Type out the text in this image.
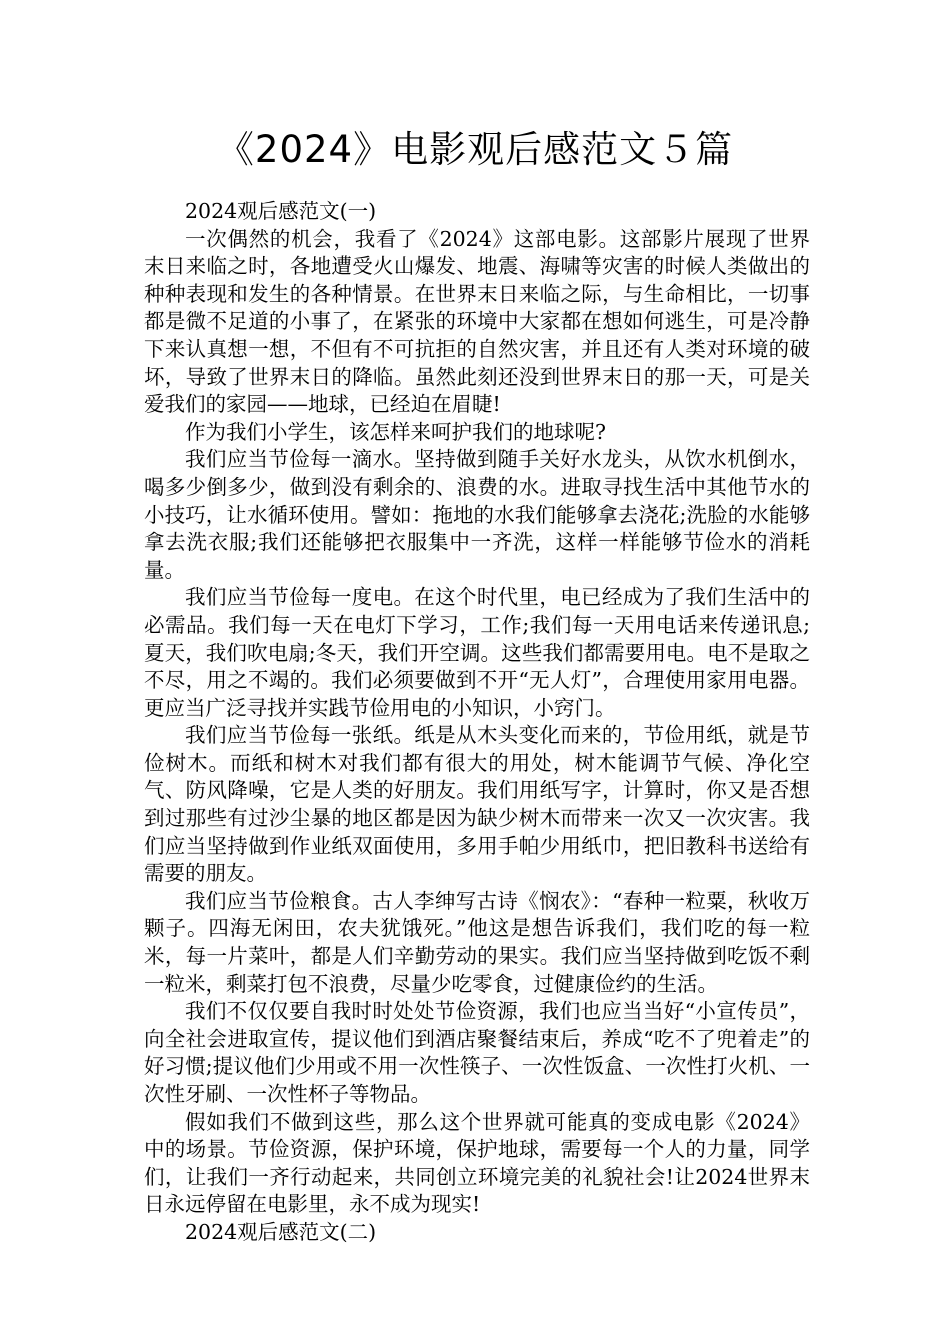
《2024》电影观后感范文５篇

2024观后感范文(一)

一次偶然的机会，我看了《2024》这部电影。这部影片展现了世界末日来临之时，各地遭受火山爆发、地震、海啸等灾害的时候人类做出的种种表现和发生的各种情景。在世界末日来临之际，与生命相比，一切事都是微不足道的小事了，在紧张的环境中大家都在想如何逃生，可是冷静下来认真想一想，不但有不可抗拒的自然灾害，并且还有人类对环境的破坏，导致了世界末日的降临。虽然此刻还没到世界末日的那一天，可是关爱我们的家园——地球，已经迫在眉睫!

作为我们小学生，该怎样来呵护我们的地球呢?

我们应当节俭每一滴水。坚持做到随手关好水龙头，从饮水机倒水，喝多少倒多少，做到没有剩余的、浪费的水。进取寻找生活中其他节水的小技巧，让水循环使用。譬如：拖地的水我们能够拿去浇花;洗脸的水能够拿去洗衣服;我们还能够把衣服集中一齐洗，这样一样能够节俭水的消耗量。

我们应当节俭每一度电。在这个时代里，电已经成为了我们生活中的必需品。我们每一天在电灯下学习，工作;我们每一天用电话来传递讯息;夏天，我们吹电扇;冬天，我们开空调。这些我们都需要用电。电不是取之不尽，用之不竭的。我们必须要做到不开“无人灯”，合理使用家用电器。更应当广泛寻找并实践节俭用电的小知识，小窍门。

我们应当节俭每一张纸。纸是从木头变化而来的，节俭用纸，就是节俭树木。而纸和树木对我们都有很大的用处，树木能调节气候、净化空气、防风降噪，它是人类的好朋友。我们用纸写字，计算时，你又是否想到过那些有过沙尘暴的地区都是因为缺少树木而带来一次又一次灾害。我们应当坚持做到作业纸双面使用，多用手帕少用纸巾，把旧教科书送给有需要的朋友。

我们应当节俭粮食。古人李绅写古诗《悯农》：“春种一粒粟，秋收万颗子。四海无闲田，农夫犹饿死。”他这是想告诉我们，我们吃的每一粒米，每一片菜叶，都是人们辛勤劳动的果实。我们应当坚持做到吃饭不剩一粒米，剩菜打包不浪费，尽量少吃零食，过健康俭约的生活。

我们不仅仅要自我时时处处节俭资源，我们也应当当好“小宣传员”，向全社会进取宣传，提议他们到酒店聚餐结束后，养成“吃不了兜着走”的好习惯;提议他们少用或不用一次性筷子、一次性饭盒、一次性打火机、一次性牙刷、一次性杯子等物品。

假如我们不做到这些，那么这个世界就可能真的变成电影《2024》中的场景。节俭资源，保护环境，保护地球，需要每一个人的力量，同学们，让我们一齐行动起来，共同创立环境完美的礼貌社会!让2024世界末日永远停留在电影里，永不成为现实!

2024观后感范文(二)
